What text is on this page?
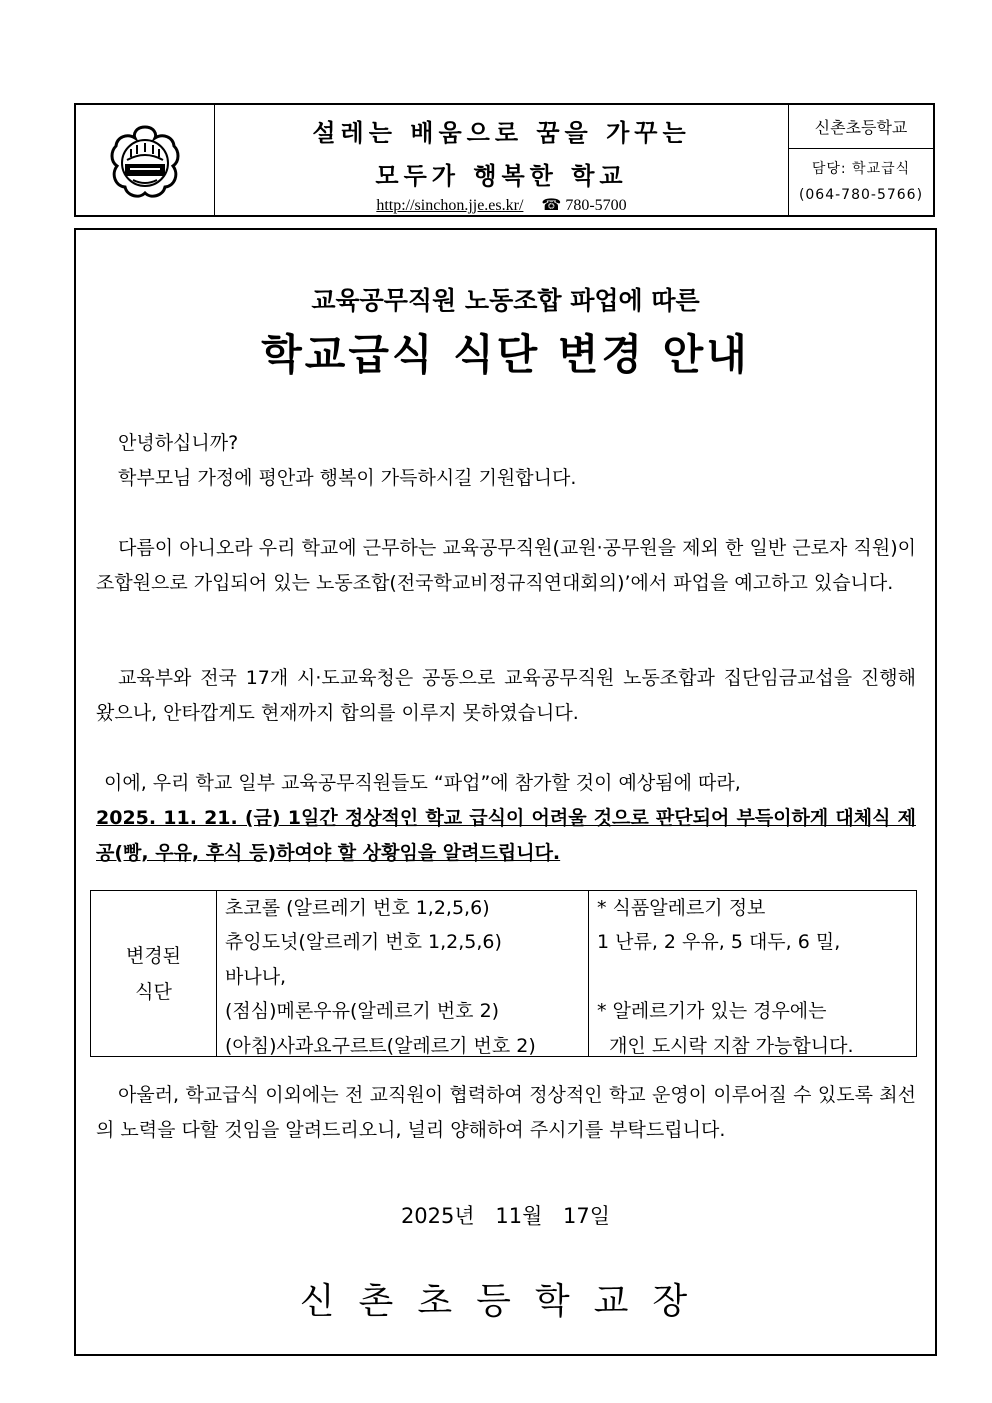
설레는 배움으로 꿈을 가꾸는
모두가 행복한 학교
http://sinchon.jje.es.kr/ ☎ 780-5700
신촌초등학교
담당: 학교급식
(064-780-5766)
교육공무직원 노동조합 파업에 따른
학교급식 식단 변경 안내
안녕하십니까?
학부모님 가정에 평안과 행복이 가득하시길 기원합니다.
다름이 아니오라 우리 학교에 근무하는 교육공무직원(교원·공무원을 제외 한 일반 근로자 직원)이 조합원으로 가입되어 있는 노동조합(전국학교비정규직연대회의)’에서 파업을 예고하고 있습니다.
교육부와 전국 17개 시·도교육청은 공동으로 교육공무직원 노동조합과 집단임금교섭을 진행해 왔으나, 안타깝게도 현재까지 합의를 이루지 못하였습니다.
이에, 우리 학교 일부 교육공무직원들도 “파업”에 참가할 것이 예상됨에 따라,
2025. 11. 21. (금) 1일간 정상적인 학교 급식이 어려울 것으로 판단되어 부득이하게 대체식 제공(빵, 우유, 후식 등)하여야 할 상황임을 알려드립니다.
변경된
식단
초코롤 (알르레기 번호 1,2,5,6)
츄잉도넛(알르레기 번호 1,2,5,6)
바나나,
(점심)메론우유(알레르기 번호 2)
(아침)사과요구르트(알레르기 번호 2)
* 식품알레르기 정보
1 난류, 2 우유, 5 대두, 6 밀,
* 알레르기가 있는 경우에는
개인 도시락 지참 가능합니다.
아울러, 학교급식 이외에는 전 교직원이 협력하여 정상적인 학교 운영이 이루어질 수 있도록 최선의 노력을 다할 것임을 알려드리오니, 널리 양해하여 주시기를 부탁드립니다.
2025년 11월 17일
신촌초등학교장
